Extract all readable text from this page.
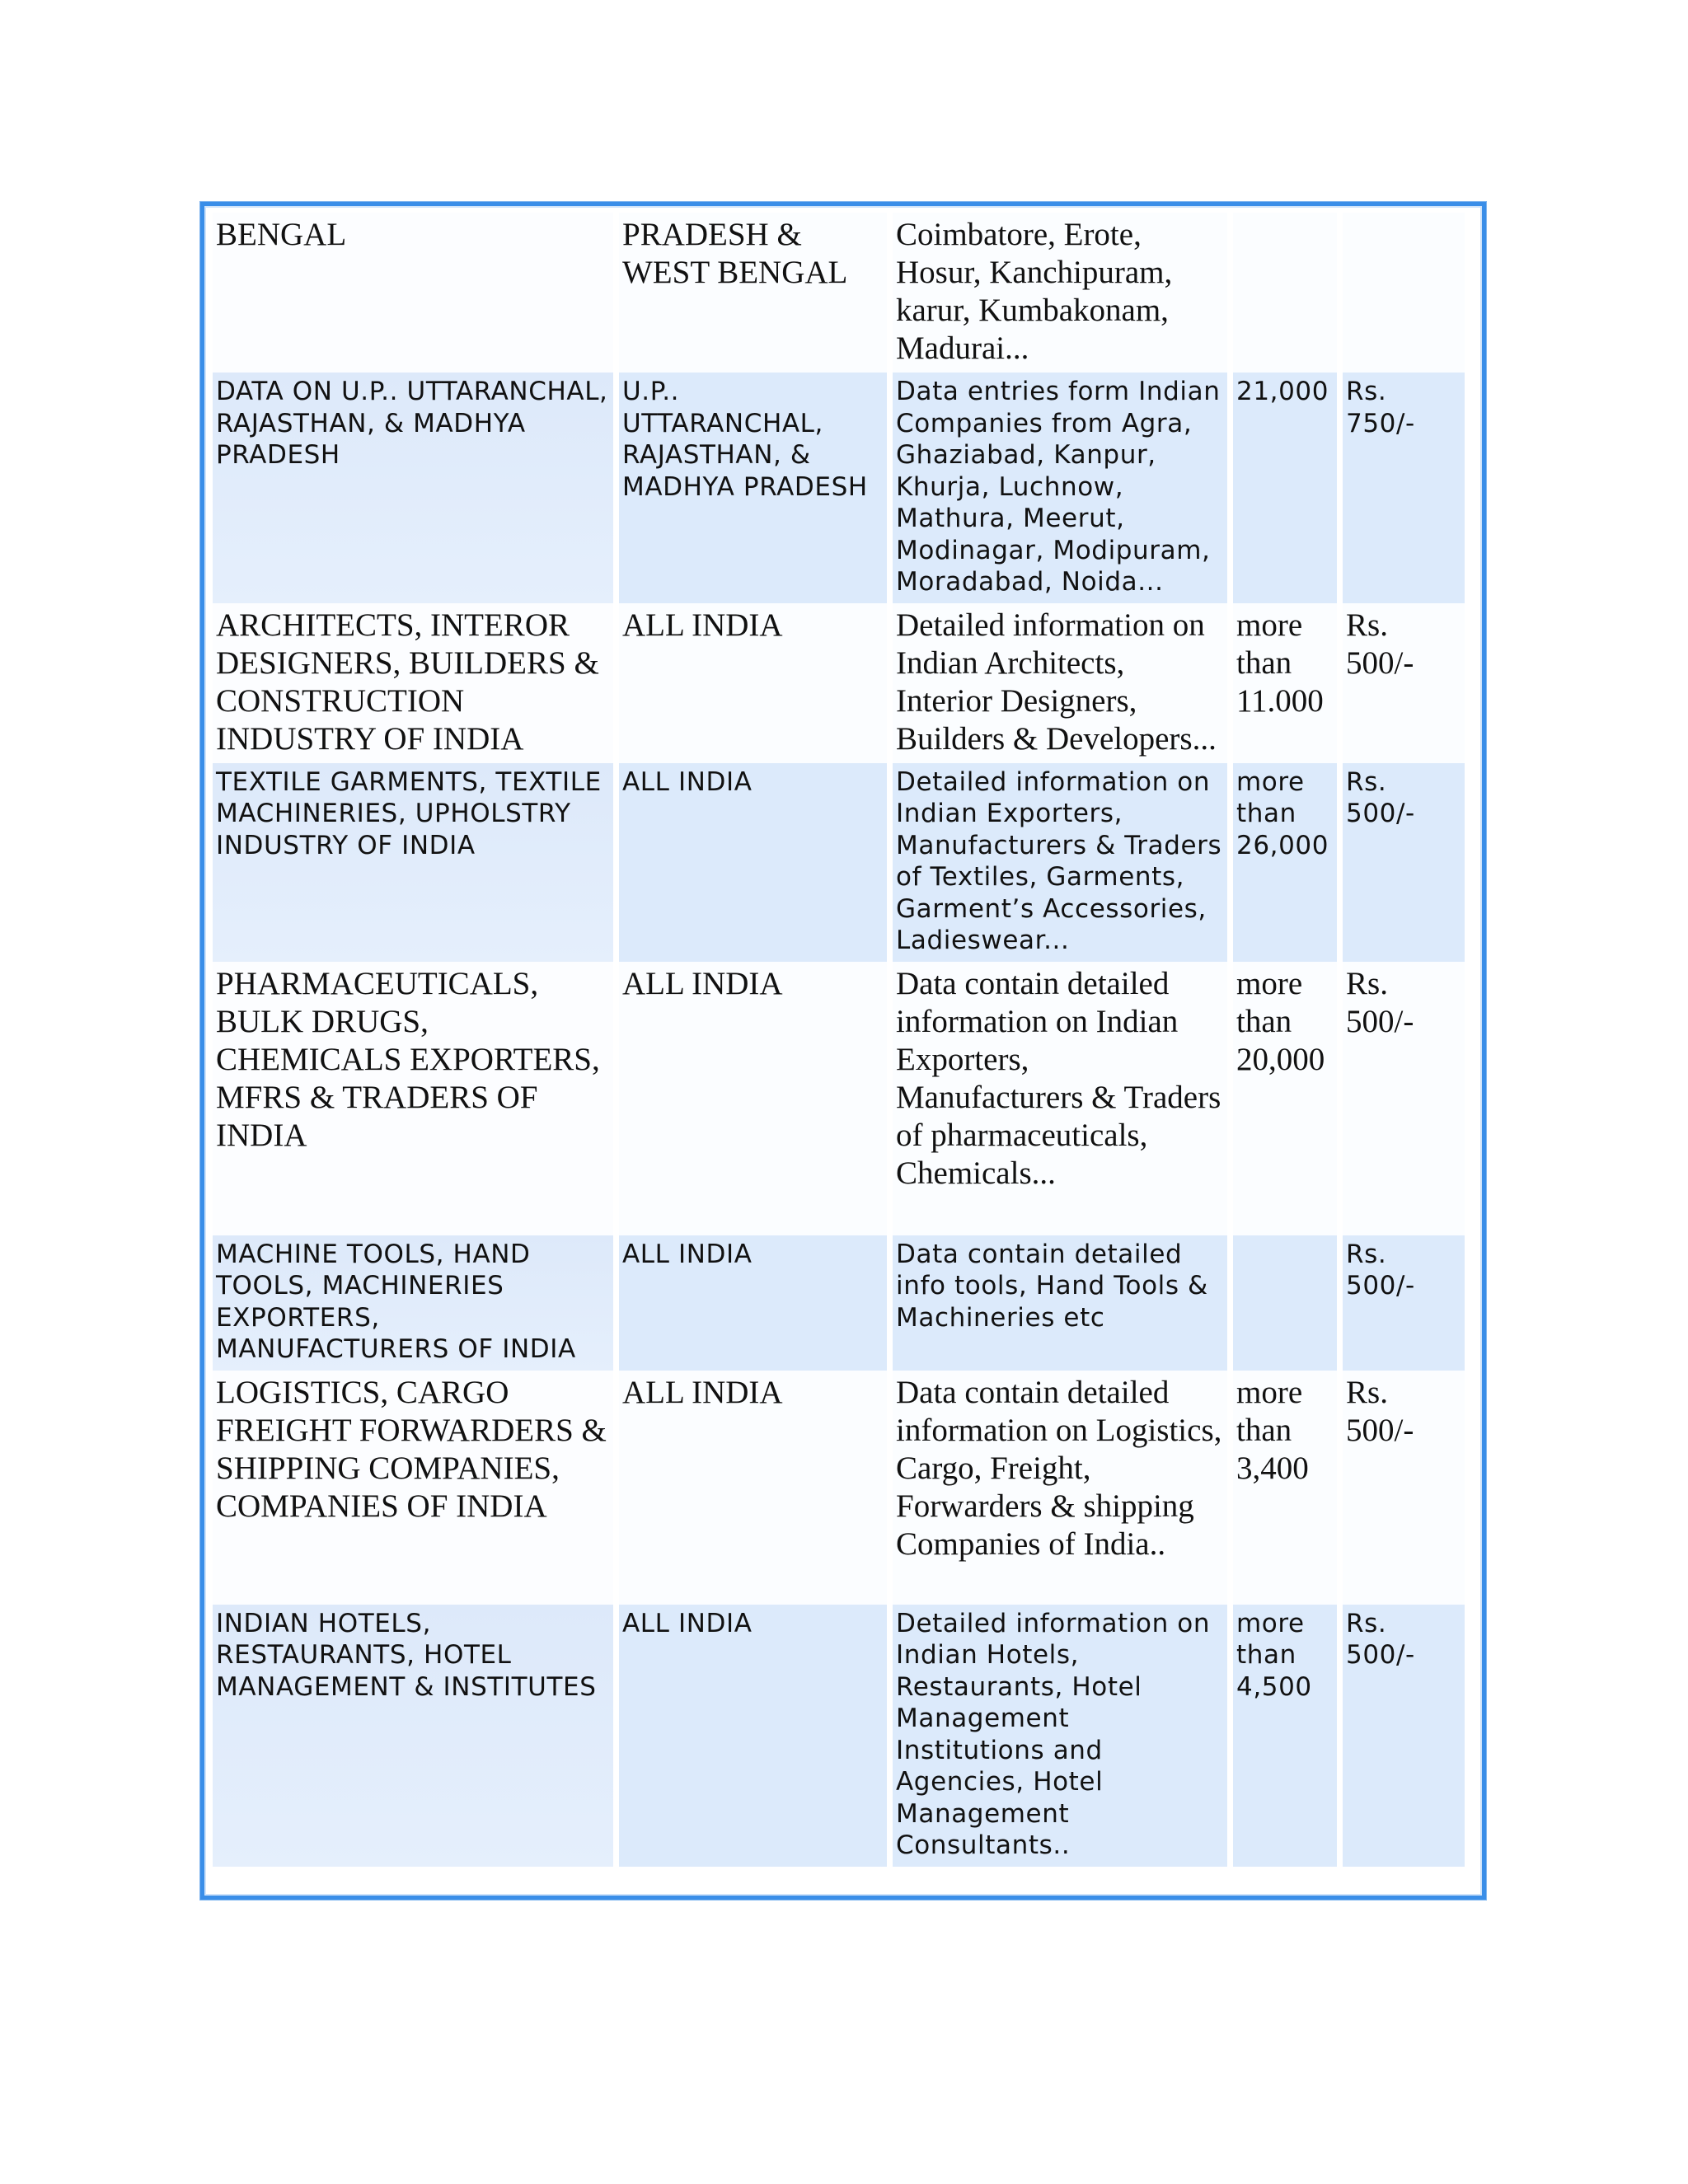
BENGAL	PRADESH & WEST BENGAL	Coimbatore, Erote, Hosur, Kanchipuram, karur, Kumbakonam, Madurai...		
DATA ON U.P.. UTTARANCHAL, RAJASTHAN, & MADHYA PRADESH	U.P.. UTTARANCHAL, RAJASTHAN, & MADHYA PRADESH	Data entries form Indian Companies from Agra, Ghaziabad, Kanpur, Khurja, Luchnow, Mathura, Meerut, Modinagar, Modipuram, Moradabad, Noida...	21,000	Rs. 750/-
ARCHITECTS, INTEROR DESIGNERS, BUILDERS & CONSTRUCTION INDUSTRY OF INDIA	ALL INDIA	Detailed information on Indian Architects, Interior Designers, Builders & Developers...	more than 11.000	Rs. 500/-
TEXTILE GARMENTS, TEXTILE MACHINERIES, UPHOLSTRY INDUSTRY OF INDIA	ALL INDIA	Detailed information on Indian Exporters, Manufacturers & Traders of Textiles, Garments, Garment’s Accessories, Ladieswear...	more than 26,000	Rs. 500/-
PHARMACEUTICALS, BULK DRUGS, CHEMICALS EXPORTERS, MFRS & TRADERS OF INDIA	ALL INDIA	Data contain detailed information on Indian Exporters, Manufacturers & Traders of pharmaceuticals, Chemicals...	more than 20,000	Rs. 500/-
MACHINE TOOLS, HAND TOOLS, MACHINERIES EXPORTERS, MANUFACTURERS OF INDIA	ALL INDIA	Data contain detailed info tools, Hand Tools & Machineries etc		Rs. 500/-
LOGISTICS, CARGO FREIGHT FORWARDERS & SHIPPING COMPANIES, COMPANIES OF INDIA	ALL INDIA	Data contain detailed information on Logistics, Cargo, Freight, Forwarders & shipping Companies of India..	more than 3,400	Rs. 500/-
INDIAN HOTELS, RESTAURANTS, HOTEL MANAGEMENT & INSTITUTES	ALL INDIA	Detailed information on Indian Hotels, Restaurants, Hotel Management Institutions and Agencies, Hotel Management Consultants..	more than 4,500	Rs. 500/-
